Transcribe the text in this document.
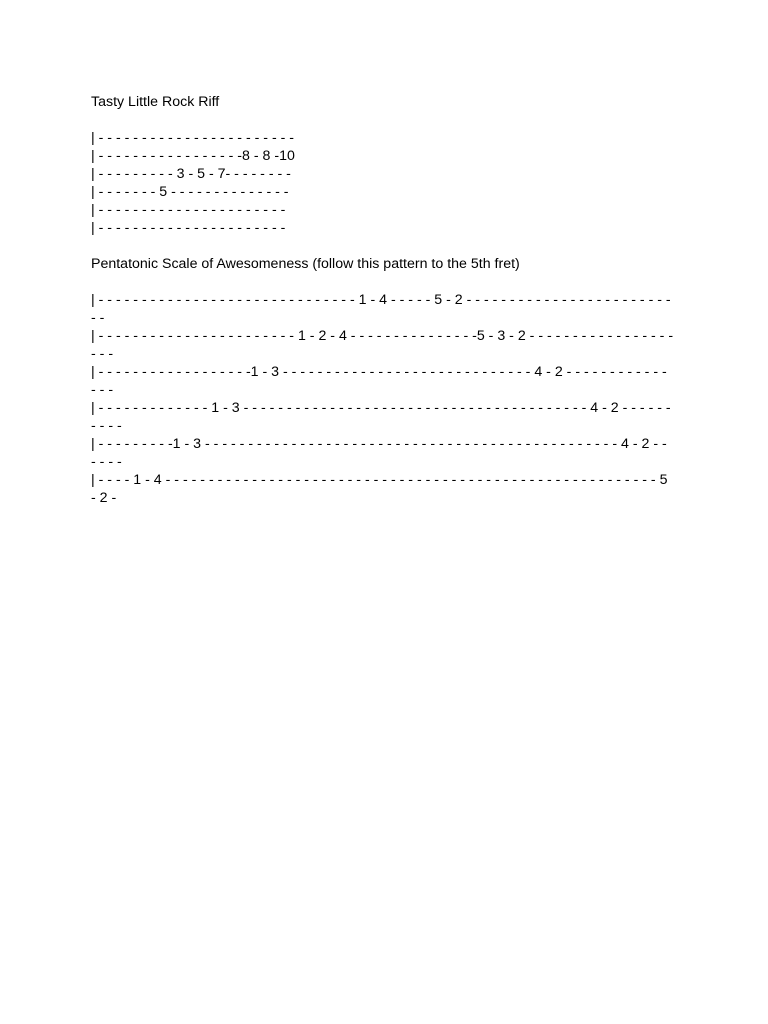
Tasty Little Rock Riff
| - - - - - - - - - - - - - - - - - - - - - - -
| - - - - - - - - - - - - - - - - -8 - 8 -10
| - - - - - - - - - 3 - 5 - 7- - - - - - - -
| - - - - - - - 5 - - - - - - - - - - - - - -
| - - - - - - - - - - - - - - - - - - - - - -
| - - - - - - - - - - - - - - - - - - - - - -
Pentatonic Scale of Awesomeness (follow this pattern to the 5th fret)
| - - - - - - - - - - - - - - - - - - - - - - - - - - - - - - 1 - 4 - - - - - 5 - 2 - - - - - - - - - - - - - - - - - - - - - - - - - -
| - - - - - - - - - - - - - - - - - - - - - - - 1 - 2 - 4 - - - - - - - - - - - - - - -5 - 3 - 2 - - - - - - - - - - - - - - - - - - - -
| - - - - - - - - - - - - - - - - - -1 - 3 - - - - - - - - - - - - - - - - - - - - - - - - - - - - - 4 - 2 - - - - - - - - - - - - - - -
| - - - - - - - - - - - - - 1 - 3 - - - - - - - - - - - - - - - - - - - - - - - - - - - - - - - - - - - - - - - - 4 - 2 - - - - - - - - - -
| - - - - - - - - -1 - 3 - - - - - - - - - - - - - - - - - - - - - - - - - - - - - - - - - - - - - - - - - - - - - - - - 4 - 2 - - - - - -
| - - - - 1 - 4 - - - - - - - - - - - - - - - - - - - - - - - - - - - - - - - - - - - - - - - - - - - - - - - - - - - - - - - - - 5 - 2 -
